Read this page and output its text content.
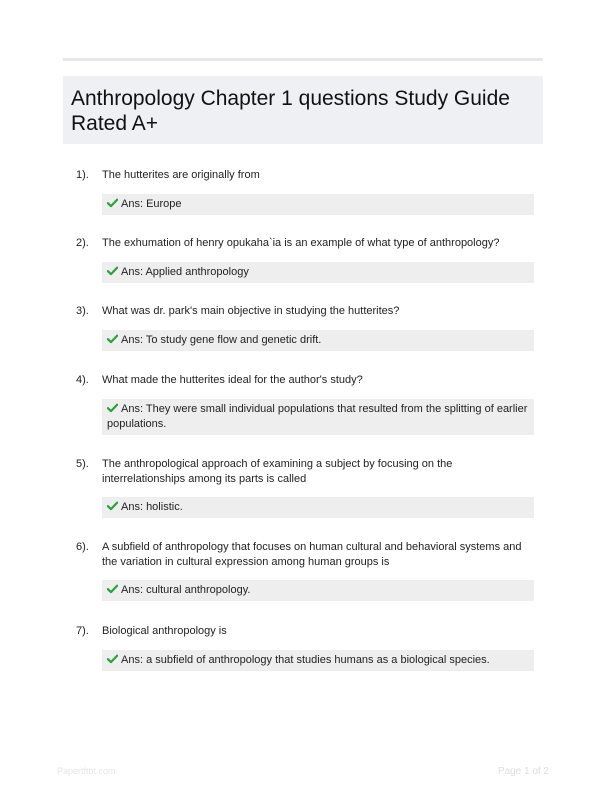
Anthropology Chapter 1 questions Study Guide Rated A+
1). The hutterites are originally from
Ans: Europe
2). The exhumation of henry opukaha`ia is an example of what type of anthropology?
Ans: Applied anthropology
3). What was dr. park's main objective in studying the hutterites?
Ans: To study gene flow and genetic drift.
4). What made the hutterites ideal for the author's study?
Ans: They were small individual populations that resulted from the splitting of earlier populations.
5). The anthropological approach of examining a subject by focusing on the interrelationships among its parts is called
Ans: holistic.
6). A subfield of anthropology that focuses on human cultural and behavioral systems and the variation in cultural expression among human groups is
Ans: cultural anthropology.
7). Biological anthropology is
Ans: a subfield of anthropology that studies humans as a biological species.
Papertftbt.com	Page 1 of 2
